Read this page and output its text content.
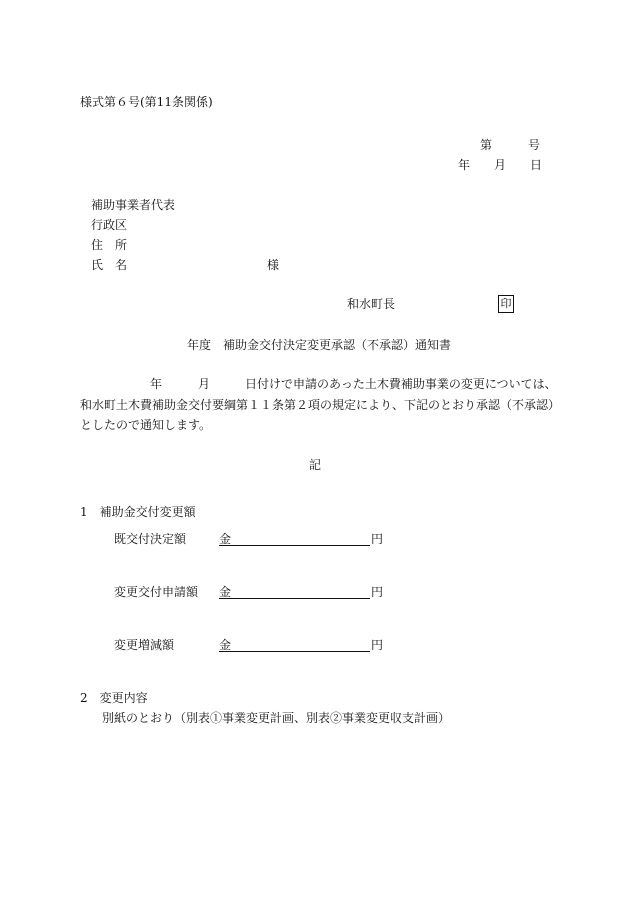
様式第６号(第11条関係)
第	号
年 月 日
補助事業者代表
行政区
住　所
氏　名	様
和水町長	印
年度　補助金交付決定変更承認（不承認）通知書
年	月	日付けで申請のあった土木費補助事業の変更については、
和水町土木費補助金交付要綱第１１条第２項の規定により、下記のとおり承認（不承認）
としたので通知します。
記
1　補助金交付変更額
既交付決定額	金	円
変更交付申請額 金	円
変更増減額	金	円
2　変更内容
別紙のとおり（別表①事業変更計画、別表②事業変更収支計画）
